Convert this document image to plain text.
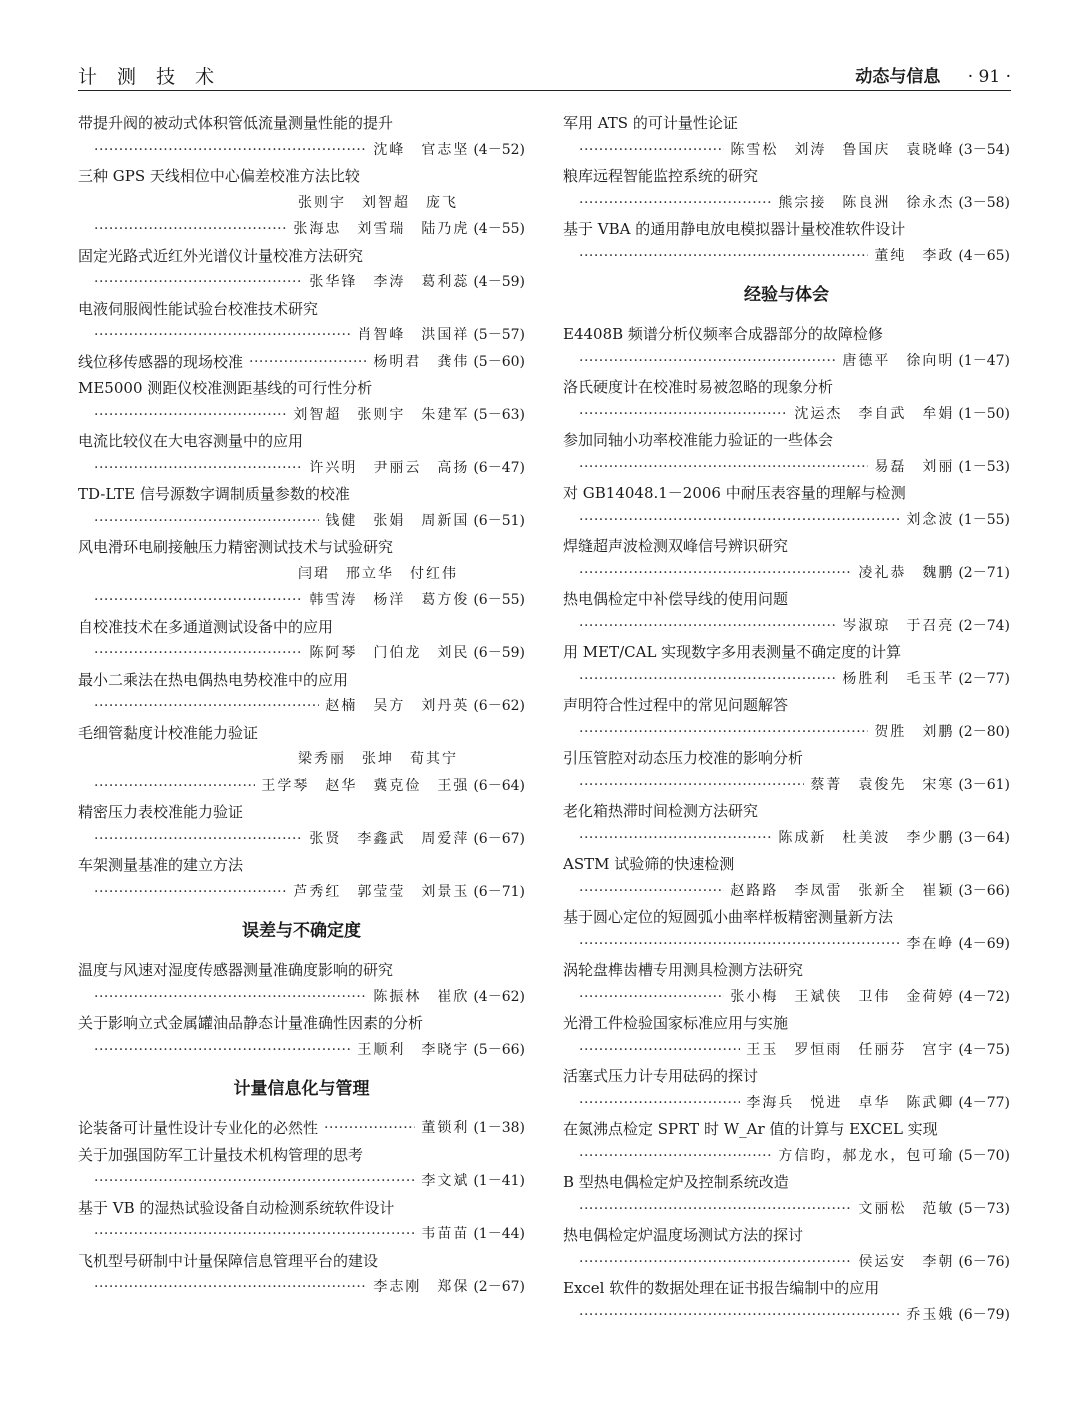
计 测 技 术	动态与信息 · 91 ·
带提升阀的被动式体积管低流量测量性能的提升
·····
沈峰　官志坚 (4－52)
三种 GPS 天线相位中心偏差校准方法比较
张则宇　刘智超　庞飞
·····
张海忠　刘雪瑞　陆乃虎 (4－55)
固定光路式近红外光谱仪计量校准方法研究
·····
张华锋　李涛　葛利蕊 (4－59)
电液伺服阀性能试验台校准技术研究
·····
肖智峰　洪国祥 (5－57)
线位移传感器的现场校准 ·····	杨明君　龚伟 (5－60)
ME5000 测距仪校准测距基线的可行性分析
·····
刘智超　张则宇　朱建军 (5－63)
电流比较仪在大电容测量中的应用
·····
许兴明　尹丽云　高扬 (6－47)
TD-LTE 信号源数字调制质量参数的校准
·····
钱健　张娟　周新国 (6－51)
风电滑环电刷接触压力精密测试技术与试验研究
闫珺　邢立华　付红伟
·····
韩雪涛　杨洋　葛方俊 (6－55)
自校准技术在多通道测试设备中的应用
·····
陈阿琴　门伯龙　刘民 (6－59)
最小二乘法在热电偶热电势校准中的应用
·····
赵楠　吴方　刘丹英 (6－62)
毛细管黏度计校准能力验证
梁秀丽　张坤　荀其宁
·····
王学琴　赵华　冀克俭　王强 (6－64)
精密压力表校准能力验证
·····
张贤　李鑫武　周爱萍 (6－67)
车架测量基准的建立方法
·····
芦秀红　郭莹莹　刘景玉 (6－71)
误差与不确定度
温度与风速对湿度传感器测量准确度影响的研究
·····
陈振林　崔欣 (4－62)
关于影响立式金属罐油品静态计量准确性因素的分析
·····
王顺利　李晓宇 (5－66)
计量信息化与管理
论装备可计量性设计专业化的必然性 ·····	董锁利 (1－38)
关于加强国防军工计量技术机构管理的思考
·····
李文斌 (1－41)
基于 VB 的湿热试验设备自动检测系统软件设计
·····
韦苗苗 (1－44)
飞机型号研制中计量保障信息管理平台的建设
·····
李志刚　郑保 (2－67)
军用 ATS 的可计量性论证
·····
陈雪松　刘涛　鲁国庆　袁晓峰 (3－54)
粮库远程智能监控系统的研究
·····
熊宗接　陈良洲　徐永杰 (3－58)
基于 VBA 的通用静电放电模拟器计量校准软件设计
·····
董纯　李政 (4－65)
经验与体会
E4408B 频谱分析仪频率合成器部分的故障检修
·····
唐德平　徐向明 (1－47)
洛氏硬度计在校准时易被忽略的现象分析
·····
沈运杰　李自武　牟娟 (1－50)
参加同轴小功率校准能力验证的一些体会
·····
易磊　刘丽 (1－53)
对 GB14048.1－2006 中耐压表容量的理解与检测
·····
刘念波 (1－55)
焊缝超声波检测双峰信号辨识研究
·····
凌礼恭　魏鹏 (2－71)
热电偶检定中补偿导线的使用问题
·····
岑淑琼　于召亮 (2－74)
用 MET/CAL 实现数字多用表测量不确定度的计算
·····
杨胜利　毛玉芊 (2－77)
声明符合性过程中的常见问题解答
·····
贺胜　刘鹏 (2－80)
引压管腔对动态压力校准的影响分析
·····
蔡菁　袁俊先　宋寒 (3－61)
老化箱热滞时间检测方法研究
·····
陈成新　杜美波　李少鹏 (3－64)
ASTM 试验筛的快速检测
·····
赵路路　李凤雷　张新全　崔颖 (3－66)
基于圆心定位的短圆弧小曲率样板精密测量新方法
·····
李在峥 (4－69)
涡轮盘榫齿槽专用测具检测方法研究
·····
张小梅　王斌侠　卫伟　金荷婷 (4－72)
光滑工件检验国家标准应用与实施
·····
王玉　罗恒雨　任丽芬　宫宇 (4－75)
活塞式压力计专用砝码的探讨
·····
李海兵　悦进　卓华　陈武卿 (4－77)
在氮沸点检定 SPRT 时 W_Ar 值的计算与 EXCEL 实现
·····
方信昀，郝龙水，包可瑜 (5－70)
B 型热电偶检定炉及控制系统改造
·····
文丽松　范敏 (5－73)
热电偶检定炉温度场测试方法的探讨
·····
侯运安　李朝 (6－76)
Excel 软件的数据处理在证书报告编制中的应用
·····
乔玉娥 (6－79)
